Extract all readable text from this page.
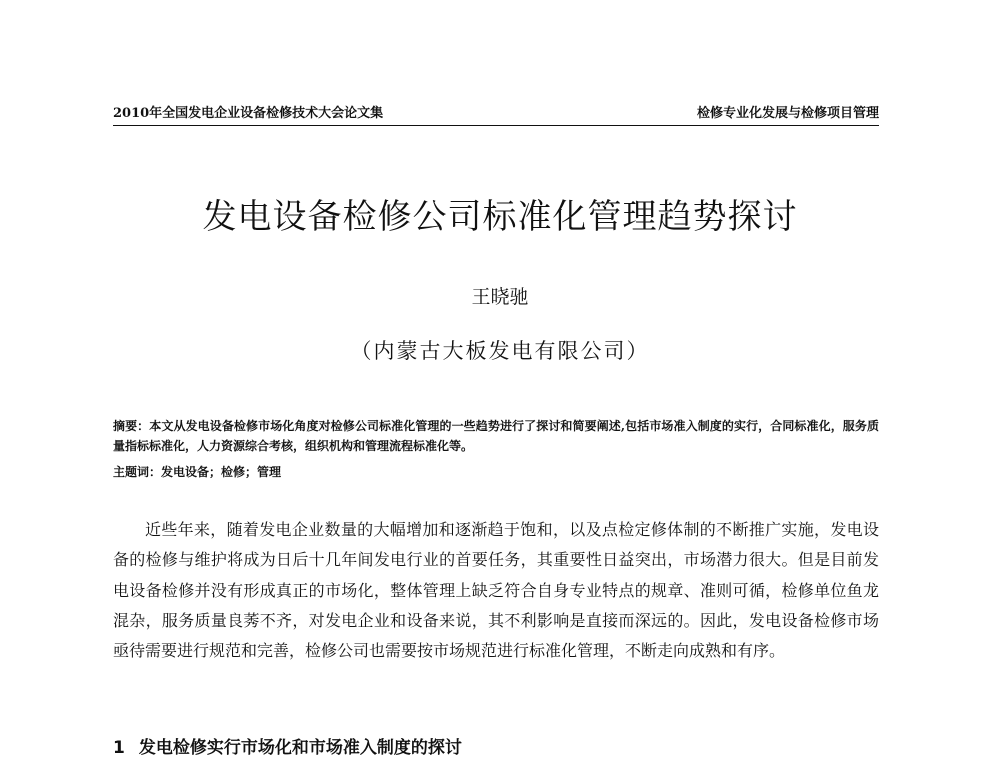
2010年全国发电企业设备检修技术大会论文集	检修专业化发展与检修项目管理
发电设备检修公司标准化管理趋势探讨
王晓驰
（内蒙古大板发电有限公司）
摘要：本文从发电设备检修市场化角度对检修公司标准化管理的一些趋势进行了探讨和简要阐述,包括市场准入制度的实行，合同标准化，服务质量指标标准化，人力资源综合考核，组织机构和管理流程标准化等。
主题词：发电设备；检修；管理
近些年来，随着发电企业数量的大幅增加和逐渐趋于饱和，以及点检定修体制的不断推广实施，发电设备的检修与维护将成为日后十几年间发电行业的首要任务，其重要性日益突出，市场潜力很大。但是目前发电设备检修并没有形成真正的市场化，整体管理上缺乏符合自身专业特点的规章、准则可循，检修单位鱼龙混杂，服务质量良莠不齐，对发电企业和设备来说，其不利影响是直接而深远的。因此，发电设备检修市场亟待需要进行规范和完善，检修公司也需要按市场规范进行标准化管理，不断走向成熟和有序。
1 发电检修实行市场化和市场准入制度的探讨
